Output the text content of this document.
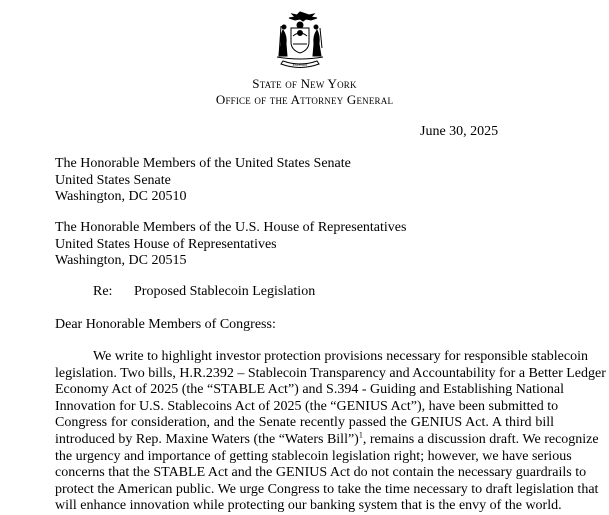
Excelsior
State of New York
Office of the Attorney General
June 30, 2025
The Honorable Members of the United States Senate
United States Senate
Washington, DC 20510
The Honorable Members of the U.S. House of Representatives
United States House of Representatives
Washington, DC 20515
Re: Proposed Stablecoin Legislation
Dear Honorable Members of Congress:
We write to highlight investor protection provisions necessary for responsible stablecoin
legislation. Two bills, H.R.2392 – Stablecoin Transparency and Accountability for a Better Ledger
Economy Act of 2025 (the “STABLE Act”) and S.394 - Guiding and Establishing National
Innovation for U.S. Stablecoins Act of 2025 (the “GENIUS Act”), have been submitted to
Congress for consideration, and the Senate recently passed the GENIUS Act. A third bill
introduced by Rep. Maxine Waters (the “Waters Bill”)$^1$, remains a discussion draft. We recognize
the urgency and importance of getting stablecoin legislation right; however, we have serious
concerns that the STABLE Act and the GENIUS Act do not contain the necessary guardrails to
protect the American public. We urge Congress to take the time necessary to draft legislation that
will enhance innovation while protecting our banking system that is the envy of the world.
